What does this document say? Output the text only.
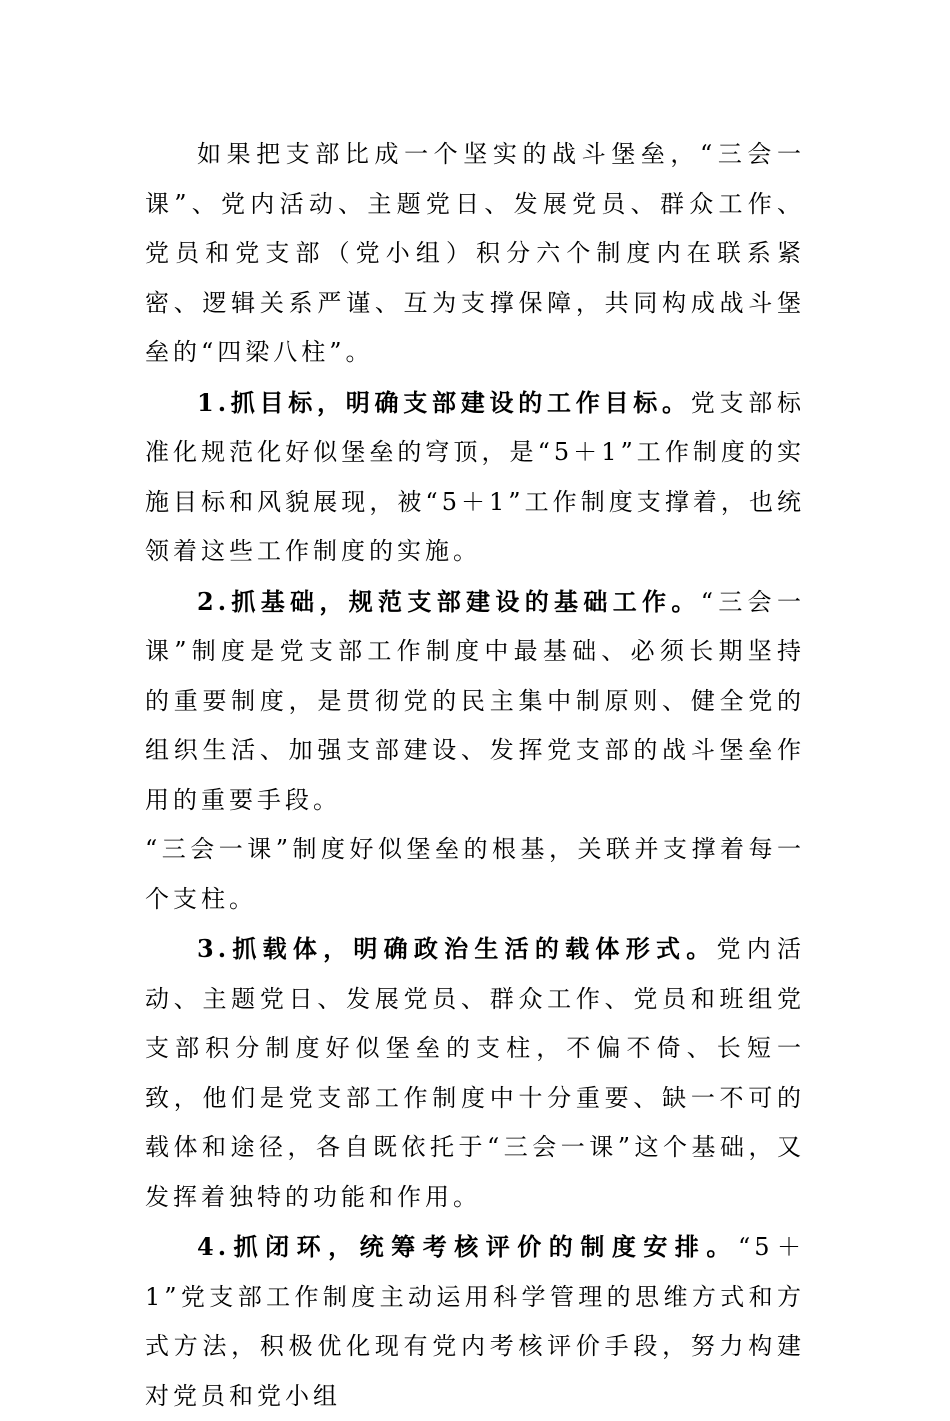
如果把支部比成一个坚实的战斗堡垒，“三会一课”、党内活动、主题党日、发展党员、群众工作、党员和党支部（党小组）积分六个制度内在联系紧密、逻辑关系严谨、互为支撑保障，共同构成战斗堡垒的“四梁八柱”。

1.抓目标，明确支部建设的工作目标。党支部标准化规范化好似堡垒的穹顶，是“5＋1”工作制度的实施目标和风貌展现，被“5＋1”工作制度支撑着，也统领着这些工作制度的实施。

2.抓基础，规范支部建设的基础工作。“三会一课”制度是党支部工作制度中最基础、必须长期坚持的重要制度，是贯彻党的民主集中制原则、健全党的组织生活、加强支部建设、发挥党支部的战斗堡垒作用的重要手段。

“三会一课”制度好似堡垒的根基，关联并支撑着每一个支柱。

3.抓载体，明确政治生活的载体形式。党内活动、主题党日、发展党员、群众工作、党员和班组党支部积分制度好似堡垒的支柱，不偏不倚、长短一致，他们是党支部工作制度中十分重要、缺一不可的载体和途径，各自既依托于“三会一课”这个基础，又发挥着独特的功能和作用。

4.抓闭环，统筹考核评价的制度安排。“5＋1”党支部工作制度主动运用科学管理的思维方式和方式方法，积极优化现有党内考核评价手段，努力构建对党员和党小组
